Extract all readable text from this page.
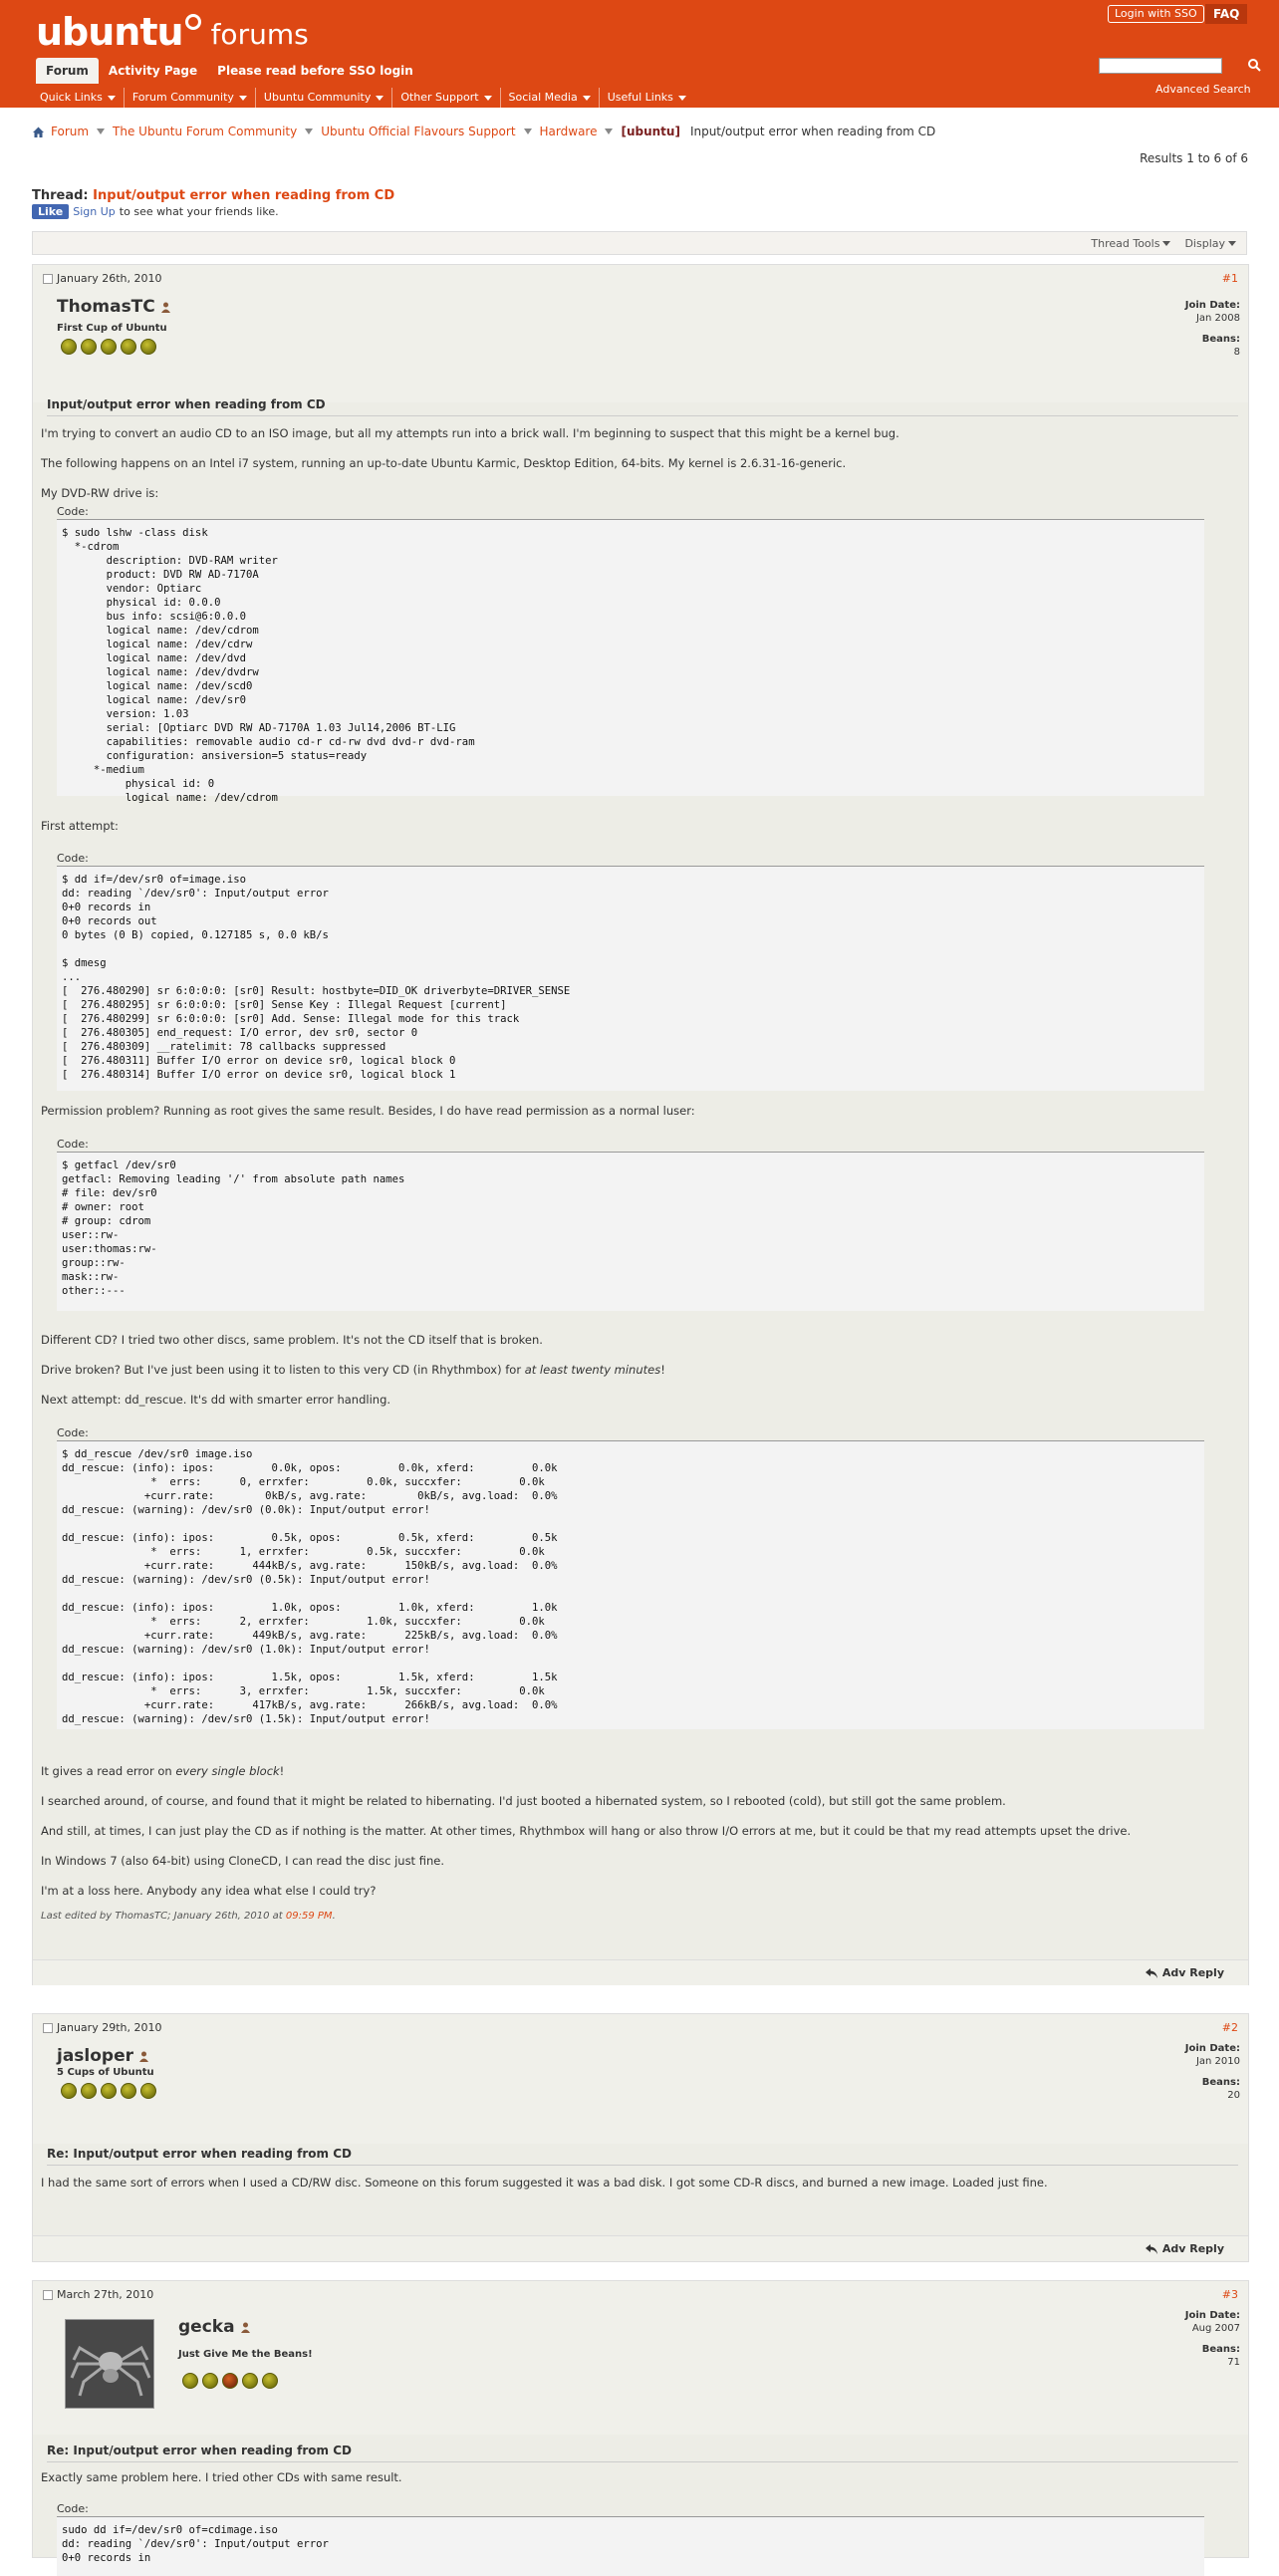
ubuntu forums
Login with SSO	FAQ
Forum	Activity Page	Please read before SSO login
Advanced Search
Quick Links	Forum Community	Ubuntu Community	Other Support	Social Media	Useful Links
Forum The Ubuntu Forum Community Ubuntu Official Flavours Support Hardware [ubuntu] Input/output error when reading from CD
Results 1 to 6 of 6
Thread: Input/output error when reading from CD
Like Sign Up to see what your friends like.
Thread Tools Display
January 26th, 2010	#1
ThomasTC
First Cup of Ubuntu
Join Date:
Jan 2008
Beans:
8
Input/output error when reading from CD
I'm trying to convert an audio CD to an ISO image, but all my attempts run into a brick wall. I'm beginning to suspect that this might be a kernel bug.
The following happens on an Intel i7 system, running an up-to-date Ubuntu Karmic, Desktop Edition, 64-bits. My kernel is 2.6.31-16-generic.
My DVD-RW drive is:
Code:
$ sudo lshw -class disk
*-cdrom
description: DVD-RAM writer
product: DVD RW AD-7170A
vendor: Optiarc
physical id: 0.0.0
bus info: scsi@6:0.0.0
logical name: /dev/cdrom
logical name: /dev/cdrw
logical name: /dev/dvd
logical name: /dev/dvdrw
logical name: /dev/scd0
logical name: /dev/sr0
version: 1.03
serial: [Optiarc DVD RW AD-7170A 1.03 Jul14,2006 BT-LIG
capabilities: removable audio cd-r cd-rw dvd dvd-r dvd-ram
configuration: ansiversion=5 status=ready
*-medium
physical id: 0
logical name: /dev/cdrom
First attempt:
Code:
$ dd if=/dev/sr0 of=image.iso
dd: reading `/dev/sr0': Input/output error
0+0 records in
0+0 records out
0 bytes (0 B) copied, 0.127185 s, 0.0 kB/s

$ dmesg
...
[  276.480290] sr 6:0:0:0: [sr0] Result: hostbyte=DID_OK driverbyte=DRIVER_SENSE
[  276.480295] sr 6:0:0:0: [sr0] Sense Key : Illegal Request [current]
[  276.480299] sr 6:0:0:0: [sr0] Add. Sense: Illegal mode for this track
[  276.480305] end_request: I/O error, dev sr0, sector 0
[  276.480309] __ratelimit: 78 callbacks suppressed
[  276.480311] Buffer I/O error on device sr0, logical block 0
[  276.480314] Buffer I/O error on device sr0, logical block 1
Permission problem? Running as root gives the same result. Besides, I do have read permission as a normal luser:
Code:
$ getfacl /dev/sr0
getfacl: Removing leading '/' from absolute path names
# file: dev/sr0
# owner: root
# group: cdrom
user::rw-
user:thomas:rw-
group::rw-
mask::rw-
other::---
Different CD? I tried two other discs, same problem. It's not the CD itself that is broken.
Drive broken? But I've just been using it to listen to this very CD (in Rhythmbox) for at least twenty minutes!
Next attempt: dd_rescue. It's dd with smarter error handling.
Code:
$ dd_rescue /dev/sr0 image.iso
dd_rescue: (info): ipos:         0.0k, opos:         0.0k, xferd:         0.0k
*  errs:      0, errxfer:         0.0k, succxfer:         0.0k
+curr.rate:        0kB/s, avg.rate:        0kB/s, avg.load:  0.0%
dd_rescue: (warning): /dev/sr0 (0.0k): Input/output error!

dd_rescue: (info): ipos:         0.5k, opos:         0.5k, xferd:         0.5k
*  errs:      1, errxfer:         0.5k, succxfer:         0.0k
+curr.rate:      444kB/s, avg.rate:      150kB/s, avg.load:  0.0%
dd_rescue: (warning): /dev/sr0 (0.5k): Input/output error!

dd_rescue: (info): ipos:         1.0k, opos:         1.0k, xferd:         1.0k
*  errs:      2, errxfer:         1.0k, succxfer:         0.0k
+curr.rate:      449kB/s, avg.rate:      225kB/s, avg.load:  0.0%
dd_rescue: (warning): /dev/sr0 (1.0k): Input/output error!

dd_rescue: (info): ipos:         1.5k, opos:         1.5k, xferd:         1.5k
*  errs:      3, errxfer:         1.5k, succxfer:         0.0k
+curr.rate:      417kB/s, avg.rate:      266kB/s, avg.load:  0.0%
dd_rescue: (warning): /dev/sr0 (1.5k): Input/output error!
It gives a read error on every single block!
I searched around, of course, and found that it might be related to hibernating. I'd just booted a hibernated system, so I rebooted (cold), but still got the same problem.
And still, at times, I can just play the CD as if nothing is the matter. At other times, Rhythmbox will hang or also throw I/O errors at me, but it could be that my read attempts upset the drive.
In Windows 7 (also 64-bit) using CloneCD, I can read the disc just fine.
I'm at a loss here. Anybody any idea what else I could try?
Last edited by ThomasTC; January 26th, 2010 at 09:59 PM.
Adv Reply
January 29th, 2010	#2
jasloper
5 Cups of Ubuntu
Join Date:
Jan 2010
Beans:
20
Re: Input/output error when reading from CD
I had the same sort of errors when I used a CD/RW disc. Someone on this forum suggested it was a bad disk. I got some CD-R discs, and burned a new image. Loaded just fine.
Adv Reply
March 27th, 2010	#3
gecka
Just Give Me the Beans!
Join Date:
Aug 2007
Beans:
71
Re: Input/output error when reading from CD
Exactly same problem here. I tried other CDs with same result.
Code:
sudo dd if=/dev/sr0 of=cdimage.iso
dd: reading `/dev/sr0': Input/output error
0+0 records in
